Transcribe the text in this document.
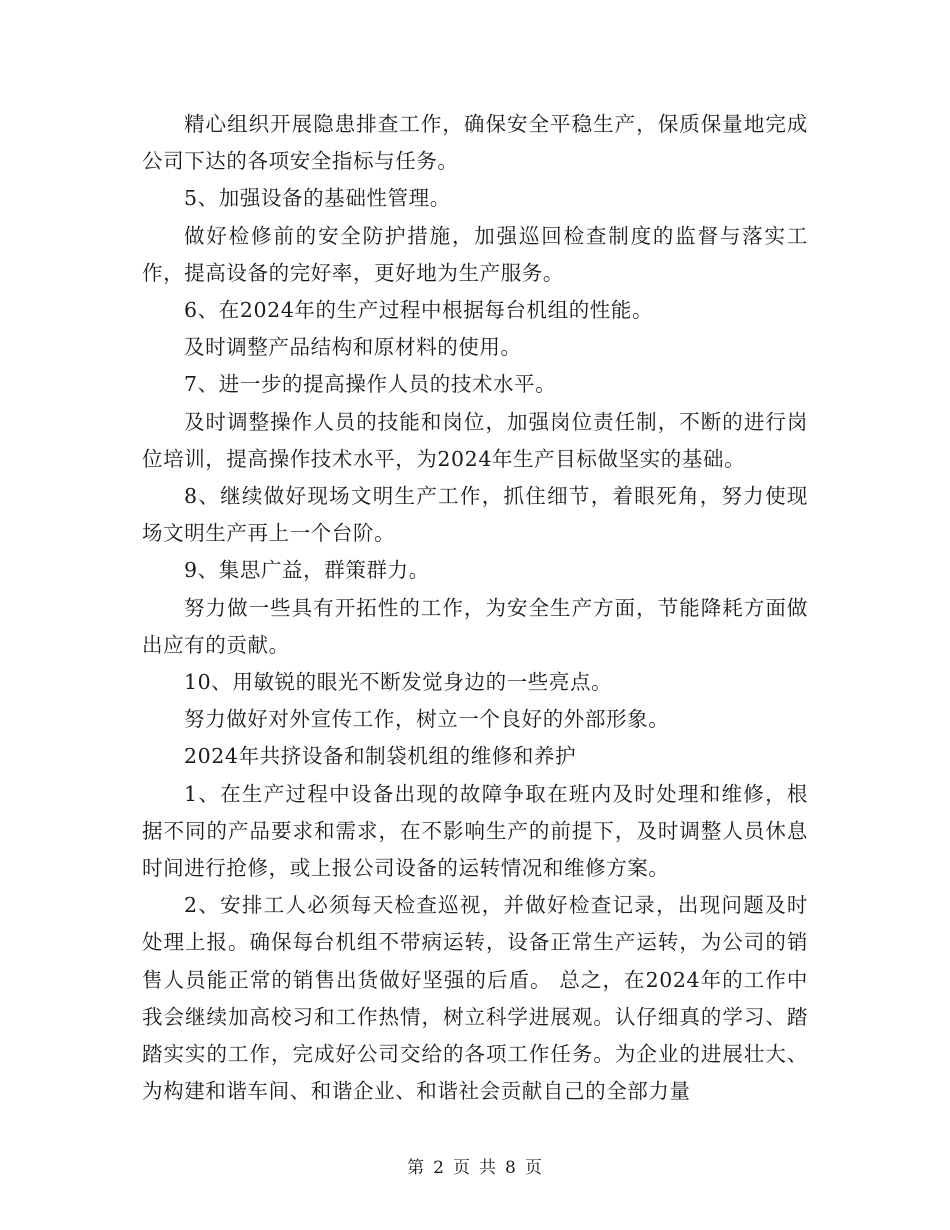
精心组织开展隐患排查工作，确保安全平稳生产，保质保量地完成公司下达的各项安全指标与任务。

5、加强设备的基础性管理。

做好检修前的安全防护措施，加强巡回检查制度的监督与落实工作，提高设备的完好率，更好地为生产服务。

6、在2024年的生产过程中根据每台机组的性能。

及时调整产品结构和原材料的使用。

7、进一步的提高操作人员的技术水平。

及时调整操作人员的技能和岗位，加强岗位责任制，不断的进行岗位培训，提高操作技术水平，为2024年生产目标做坚实的基础。

8、继续做好现场文明生产工作，抓住细节，着眼死角，努力使现场文明生产再上一个台阶。

9、集思广益，群策群力。

努力做一些具有开拓性的工作，为安全生产方面，节能降耗方面做出应有的贡献。

10、用敏锐的眼光不断发觉身边的一些亮点。

努力做好对外宣传工作，树立一个良好的外部形象。

2024年共挤设备和制袋机组的维修和养护

1、在生产过程中设备出现的故障争取在班内及时处理和维修，根据不同的产品要求和需求，在不影响生产的前提下，及时调整人员休息时间进行抢修，或上报公司设备的运转情况和维修方案。

2、安排工人必须每天检查巡视，并做好检查记录，出现问题及时处理上报。确保每台机组不带病运转，设备正常生产运转，为公司的销售人员能正常的销售出货做好坚强的后盾。 总之，在2024年的工作中我会继续加高校习和工作热情，树立科学进展观。认仔细真的学习、踏踏实实的工作，完成好公司交给的各项工作任务。为企业的进展壮大、为构建和谐车间、和谐企业、和谐社会贡献自己的全部力量

第 2 页 共 8 页
